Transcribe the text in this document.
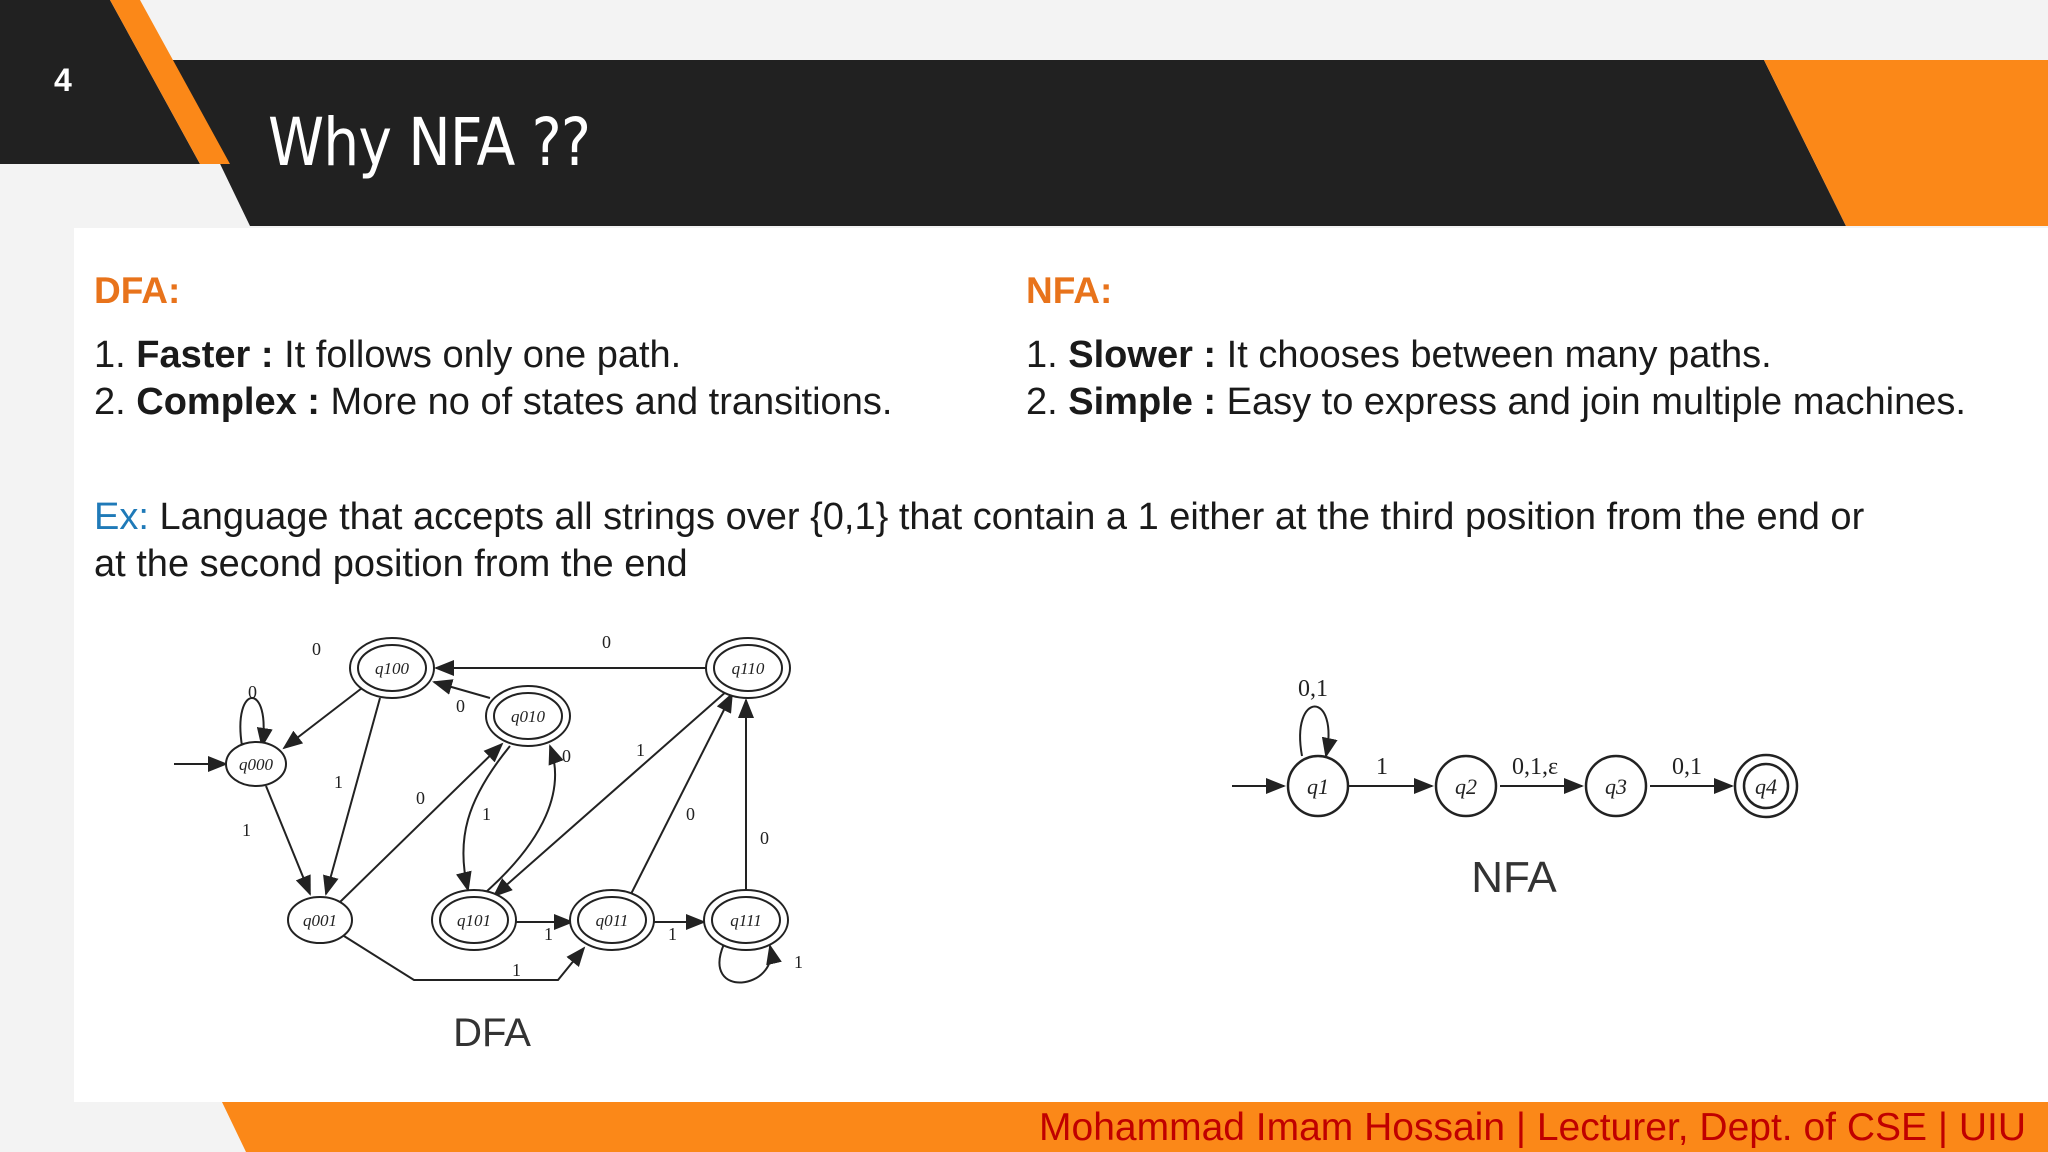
4
Why NFA ??
DFA:
1. Faster : It follows only one path.
2. Complex : More no of states and transitions.
NFA:
1. Slower : It chooses between many paths.
2. Simple : Easy to express and join multiple machines.
Ex: Language that accepts all strings over {0,1} that contain a 1 either at the third position from the end or
at the second position from the end
0
0
0
0
1
1
0
1
0	1
0
0
1	1
1	1
q000
q100
q010
q110
q001	q101	q011	q111
DFA
0,1
1	0,1,ε	0,1
q1	q2	q3	q4
NFA
Mohammad Imam Hossain | Lecturer, Dept. of CSE | UIU
